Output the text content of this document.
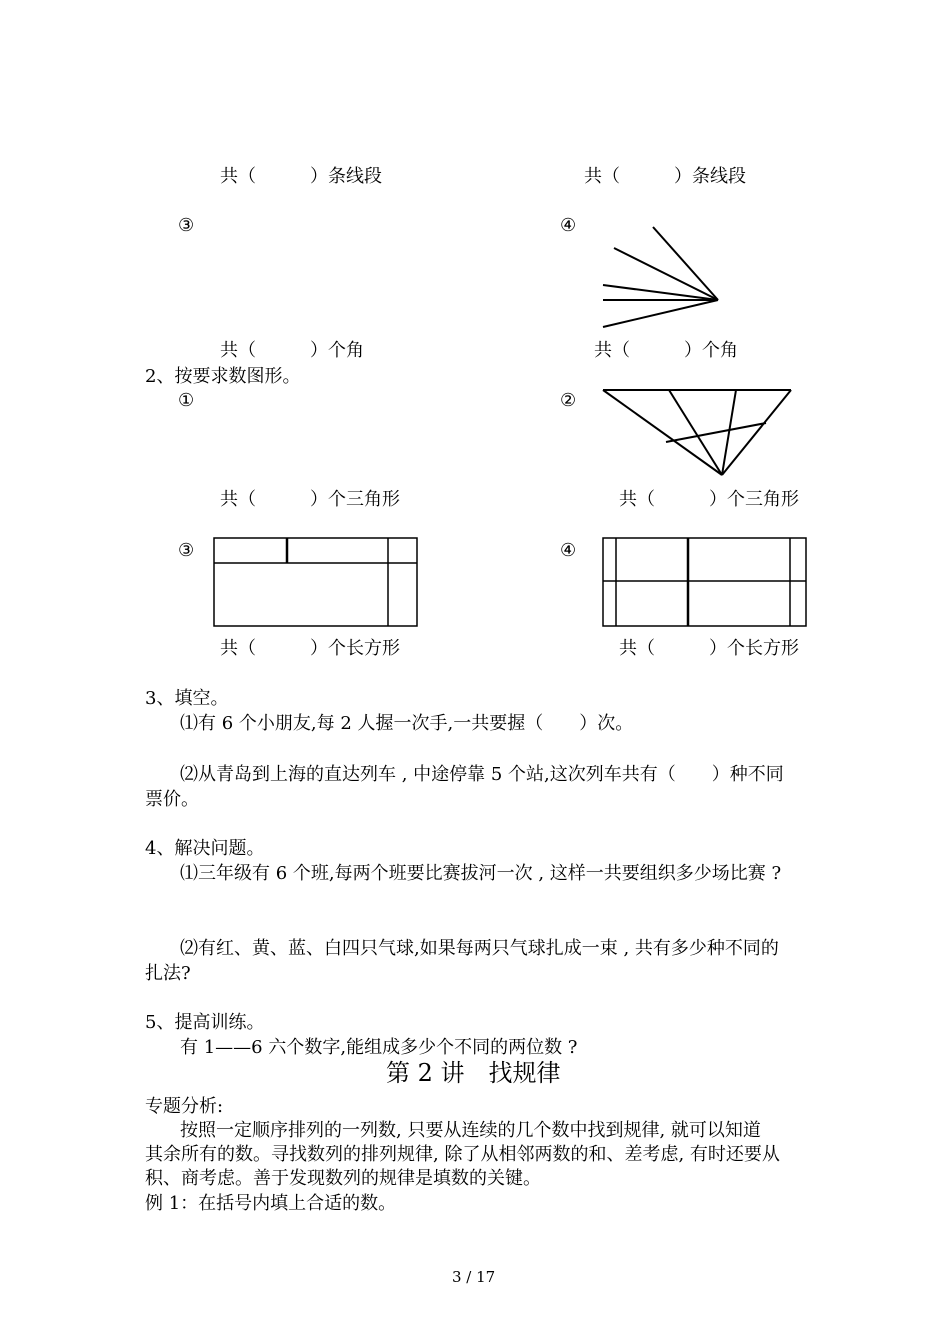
共（　　　）条线段	共（　　　）条线段
③	④
共（　　　）个角	共（　　　）个角
2、按要求数图形。
①	②
共（　　　）个三角形	共（　　　）个三角形
③	④
共（　　　）个长方形	共（　　　）个长方形
3、填空。
⑴有 6 个小朋友,每 2 人握一次手,一共要握（　　）次。
⑵从青岛到上海的直达列车 , 中途停靠 5 个站,这次列车共有（　　）种不同
票价。
4、解决问题。
⑴三年级有 6 个班,每两个班要比赛拔河一次 , 这样一共要组织多少场比赛 ?
⑵有红、黄、蓝、白四只气球,如果每两只气球扎成一束 , 共有多少种不同的
扎法?
5、提高训练。
有 1——6 六个数字,能组成多少个不同的两位数 ?
第 2 讲　找规律
专题分析:
按照一定顺序排列的一列数, 只要从连续的几个数中找到规律, 就可以知道
其余所有的数。寻找数列的排列规律, 除了从相邻两数的和、差考虑, 有时还要从
积、商考虑。善于发现数列的规律是填数的关键。
例 1：在括号内填上合适的数。
3 / 17
